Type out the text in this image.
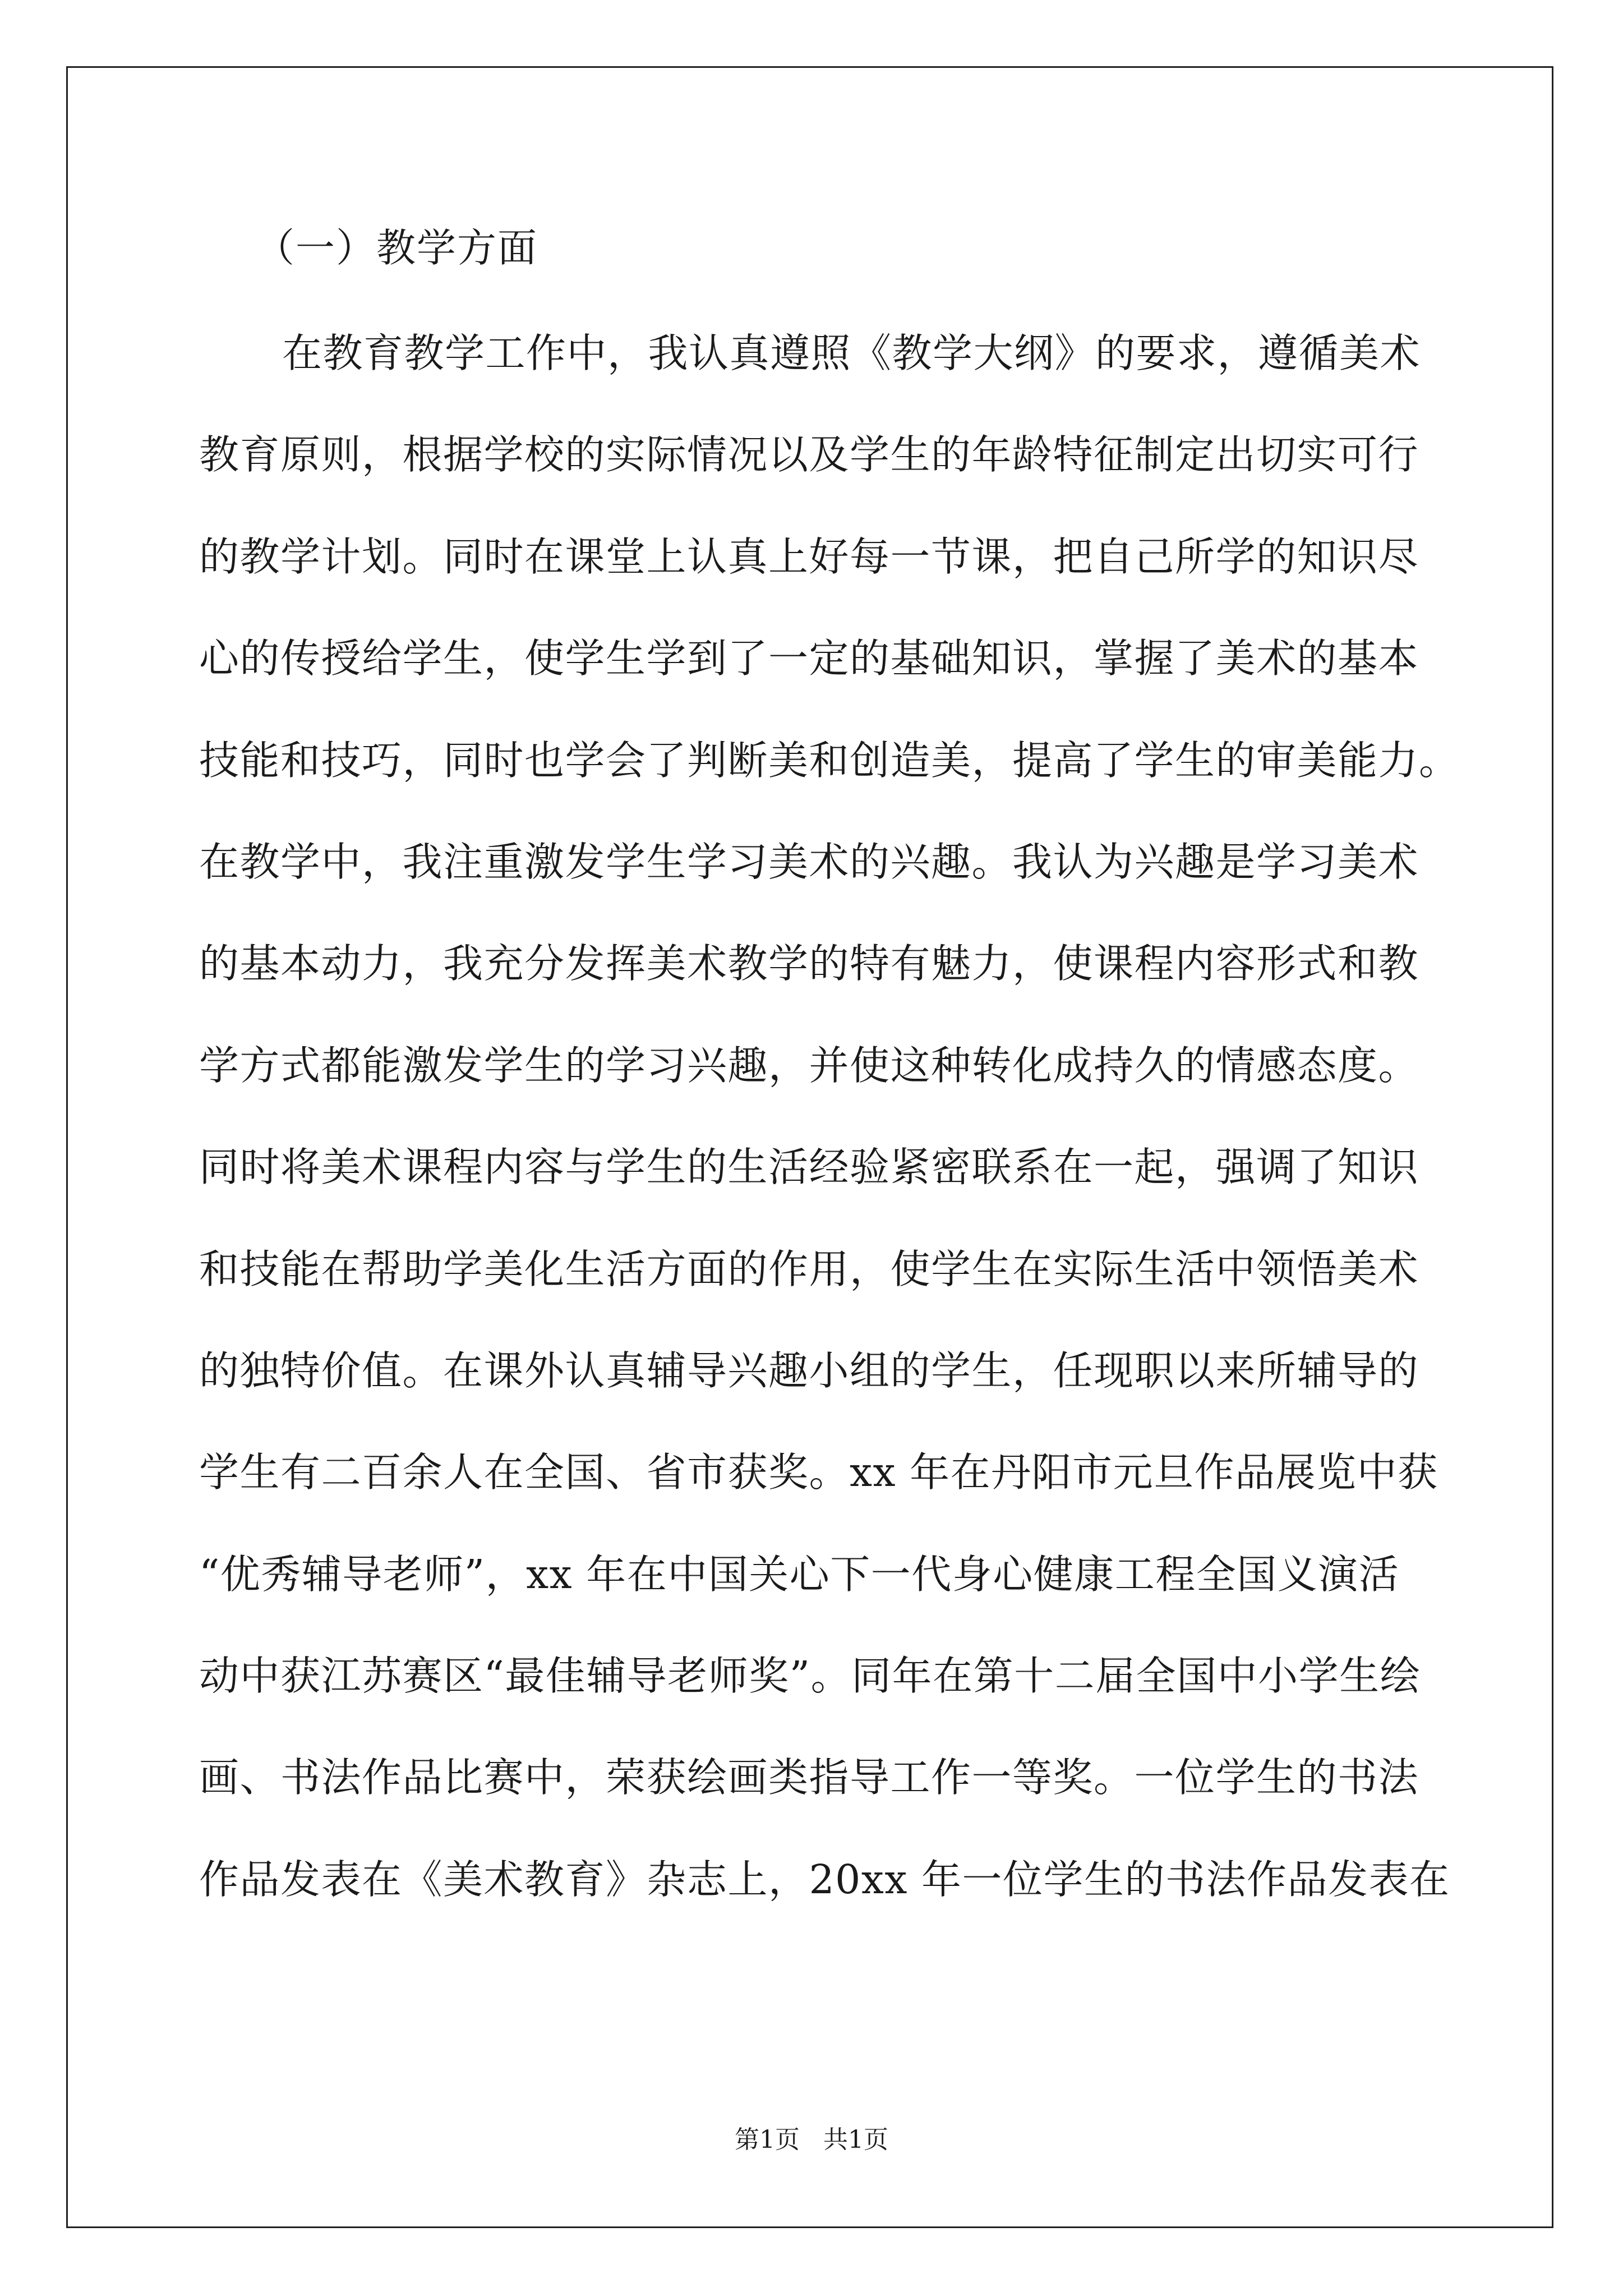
（一）教学方面
在教育教学工作中，我认真遵照《教学大纲》的要求，遵循美术
教育原则，根据学校的实际情况以及学生的年龄特征制定出切实可行
的教学计划。同时在课堂上认真上好每一节课，把自己所学的知识尽
心的传授给学生，使学生学到了一定的基础知识，掌握了美术的基本
技能和技巧，同时也学会了判断美和创造美，提高了学生的审美能力。
在教学中，我注重激发学生学习美术的兴趣。我认为兴趣是学习美术
的基本动力，我充分发挥美术教学的特有魅力，使课程内容形式和教
学方式都能激发学生的学习兴趣，并使这种转化成持久的情感态度。
同时将美术课程内容与学生的生活经验紧密联系在一起，强调了知识
和技能在帮助学美化生活方面的作用，使学生在实际生活中领悟美术
的独特价值。在课外认真辅导兴趣小组的学生，任现职以来所辅导的
学生有二百余人在全国、省市获奖。xx 年在丹阳市元旦作品展览中获
“优秀辅导老师”，xx 年在中国关心下一代身心健康工程全国义演活
动中获江苏赛区“最佳辅导老师奖”。同年在第十二届全国中小学生绘
画、书法作品比赛中，荣获绘画类指导工作一等奖。一位学生的书法
作品发表在《美术教育》杂志上，20xx 年一位学生的书法作品发表在
第1页   共1页
